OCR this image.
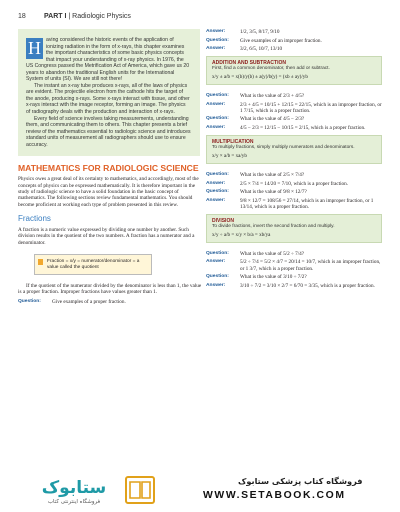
18	PART I | Radiologic Physics
H aving considered the historic events of the application of ionizing radiation in the form of x-rays, this chapter examines the important characteristics of some basic physics concepts that impact your understanding of x-ray physics. In 1976, the US Congress passed the Metrification Act of America, which gave us 20 years to abandon the traditional English units for the International System of units (SI). We are still not there!

The instant an x-ray tube produces x-rays, all of the laws of physics are evident. The projectile electron from the cathode hits the target of the anode, producing x-rays. Some x-rays interact with tissue, and other x-rays interact with the image receptor, forming an image. The physics of radiography deals with the production and interaction of x-rays.

Every field of science involves taking measurements, understanding them, and communicating them to others. This chapter presents a brief review of the mathematics essential to radiologic science and introduces standard units of measurement all radiographers should use to ensure accuracy.

MATHEMATICS FOR RADIOLOGIC SCIENCE

Physics owes a great deal of its certainty to mathematics, and accordingly, most of the concepts of physics can be expressed mathematically. It is therefore important in the study of radiologic science to have a solid foundation in the basic concept of mathematics. The following sections review fundamental mathematics. You should become proficient at working each type of problem presented in this review.

Fractions

A fraction is a numeric value expressed by dividing one number by another. Such division results in the quotient of the two numbers. A fraction has a numerator and a denominator.

Fraction = x/y = numerator/denominator = a value called the quotient

If the quotient of the numerator divided by the denominator is less than 1, the value is a proper fraction. Improper fractions have values greater than 1.

Question:	Give examples of a proper fraction.
Answer:	1/2, 3/5, 8/17, 9/10
Question:	Give examples of an improper fraction.
Answer:	3/2, 6/5, 10/7, 13/10
ADDITION AND SUBTRACTION
First, find a common denominator, then add or subtract.
x/y ± a/b = x(b)/y(b) ± a(y)/b(y) = (xb ± ay)/yb
Question:	What is the value of 2/3 + 4/5?
Answer:	2/3 + 4/5 = 10/15 + 12/15 = 22/15, which is an improper fraction, or 1 7/15, which is a proper fraction.
Question:	What is the value of 4/5 − 2/3?
Answer:	4/5 − 2/3 = 12/15 − 10/15 = 2/15, which is a proper fraction.
MULTIPLICATION
To multiply fractions, simply multiply numerators and denominators.
x/y × a/b = xa/yb
Question:	What is the value of 2/5 × 7/4?
Answer:	2/5 × 7/4 = 14/20 = 7/10, which is a proper fraction.
Question:	What is the value of 9/8 × 12/7?
Answer:	9/8 × 12/7 = 108/56 = 27/14, which is an improper fraction, or 1 13/14, which is a proper fraction.
DIVISION
To divide fractions, invert the second fraction and multiply.
x/y ÷ a/b = x/y × b/a = xb/ya
Question:	What is the value of 5/2 ÷ 7/4?
Answer:	5/2 ÷ 7/4 = 5/2 × 4/7 = 20/14 = 10/7, which is an improper fraction, or 1 3/7, which is a proper fraction.
Question:	What is the value of 3/10 ÷ 7/2?
Answer:	3/10 ÷ 7/2 = 3/10 × 2/7 = 6/70 = 3/35, which is a proper fraction.
ستابوک
فروشگاه اینترنتی کتاب
فروشگاه کتاب پزشکی ستابوک
WWW.SETABOOK.COM
